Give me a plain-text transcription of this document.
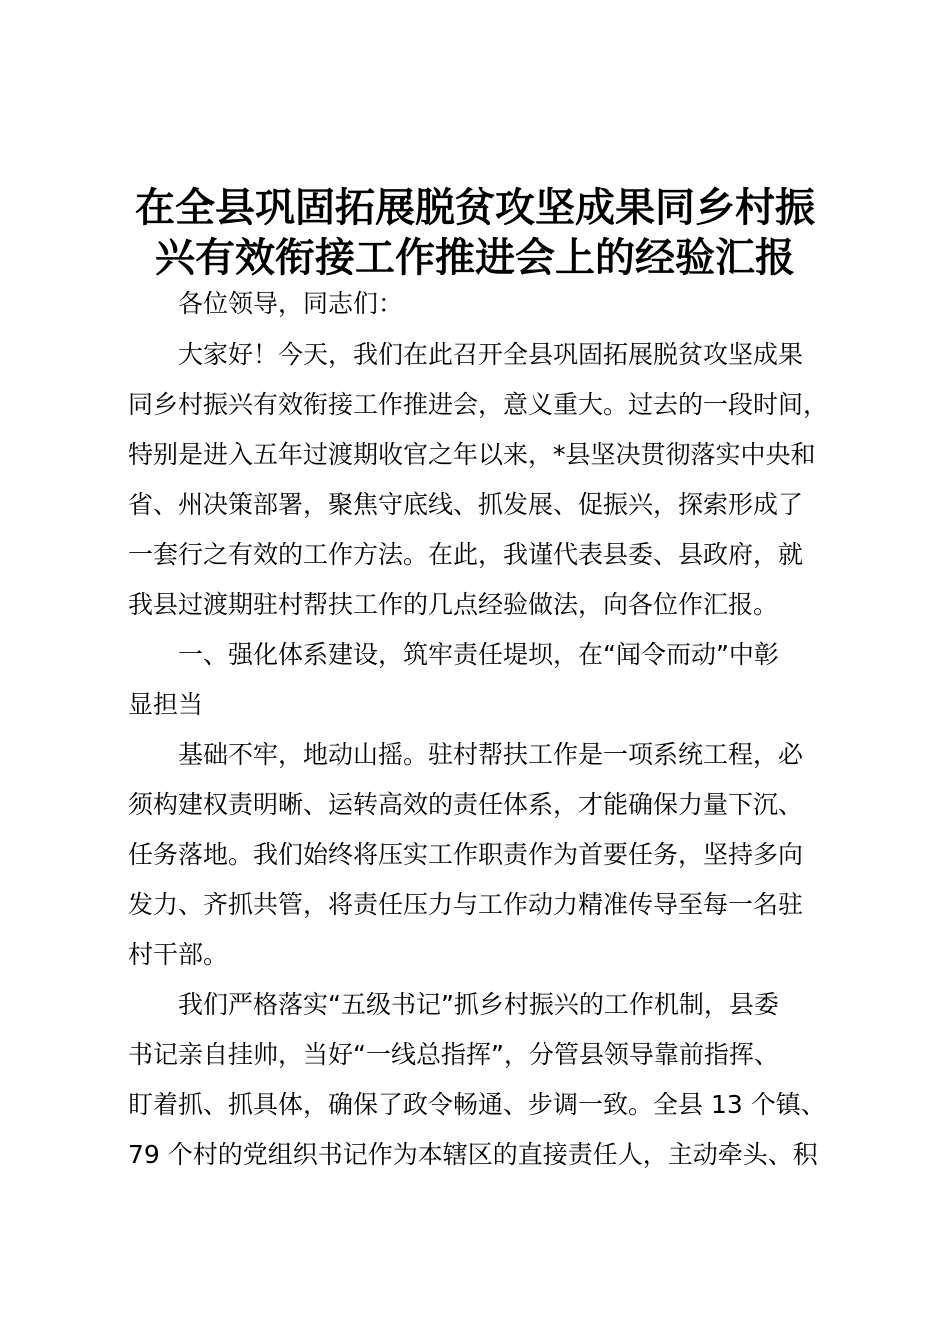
在全县巩固拓展脱贫攻坚成果同乡村振
兴有效衔接工作推进会上的经验汇报
各位领导，同志们：
大家好！今天，我们在此召开全县巩固拓展脱贫攻坚成果
同乡村振兴有效衔接工作推进会，意义重大。过去的一段时间，
特别是进入五年过渡期收官之年以来，*县坚决贯彻落实中央和
省、州决策部署，聚焦守底线、抓发展、促振兴，探索形成了
一套行之有效的工作方法。在此，我谨代表县委、县政府，就
我县过渡期驻村帮扶工作的几点经验做法，向各位作汇报。
一、强化体系建设，筑牢责任堤坝，在“闻令而动”中彰
显担当
基础不牢，地动山摇。驻村帮扶工作是一项系统工程，必
须构建权责明晰、运转高效的责任体系，才能确保力量下沉、
任务落地。我们始终将压实工作职责作为首要任务，坚持多向
发力、齐抓共管，将责任压力与工作动力精准传导至每一名驻
村干部。
我们严格落实“五级书记”抓乡村振兴的工作机制，县委
书记亲自挂帅，当好“一线总指挥”，分管县领导靠前指挥、
盯着抓、抓具体，确保了政令畅通、步调一致。全县 13 个镇、
79 个村的党组织书记作为本辖区的直接责任人，主动牵头、积
